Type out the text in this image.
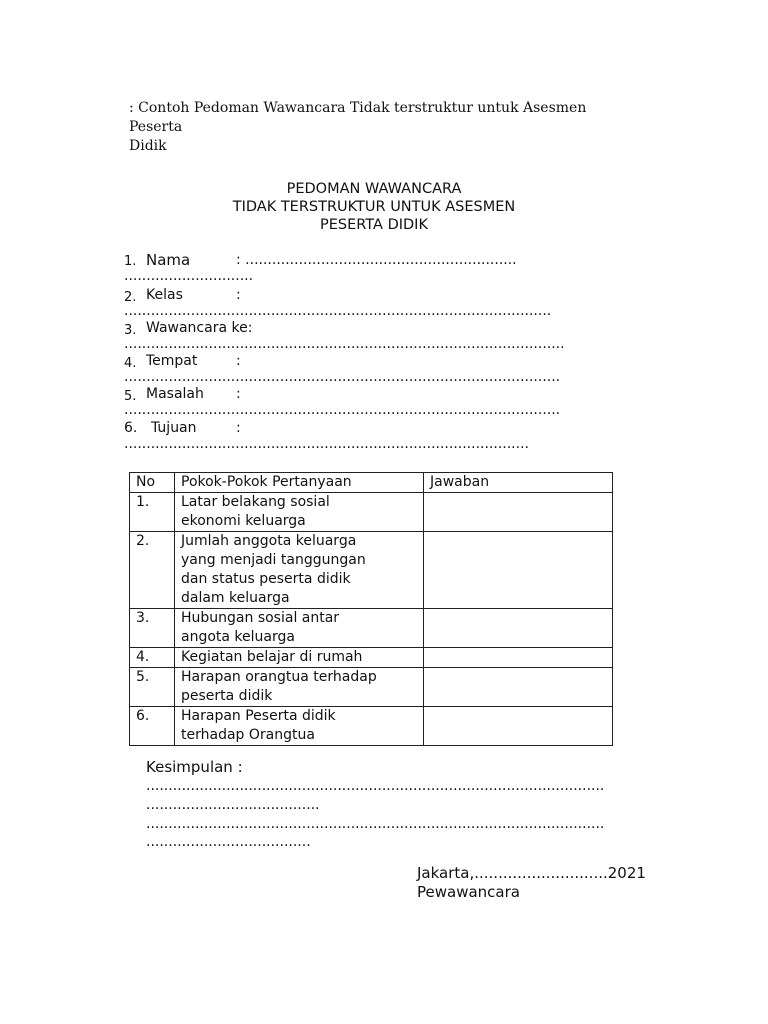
: Contoh Pedoman Wawancara Tidak terstruktur untuk Asesmen Peserta
Didik
PEDOMAN WAWANCARA
TIDAK TERSTRUKTUR UNTUK ASESMEN
PESERTA DIDIK
1. Nama	: .............................................................
.............................
2. Kelas	:
................................................................................................
3. Wawancara ke:
...................................................................................................
4. Tempat	:
..................................................................................................
5. Masalah :
..................................................................................................
6. Tujuan	:
...........................................................................................
No	Pokok-Pokok Pertanyaan	Jawaban
1.	Latar belakang sosial
ekonomi keluarga	

2.	Jumlah anggota keluarga
yang menjadi tanggungan
dan status peserta didik
dalam keluarga	

3.	Hubungan sosial antar
angota keluarga	

4.	Kegiatan belajar di rumah	

5.	Harapan orangtua terhadap
peserta didik	

6.	Harapan Peserta didik
terhadap Orangtua	

Kesimpulan :
.......................................................................................................
.......................................
.......................................................................................................
.....................................
Jakarta,............................2021
Pewawancara
